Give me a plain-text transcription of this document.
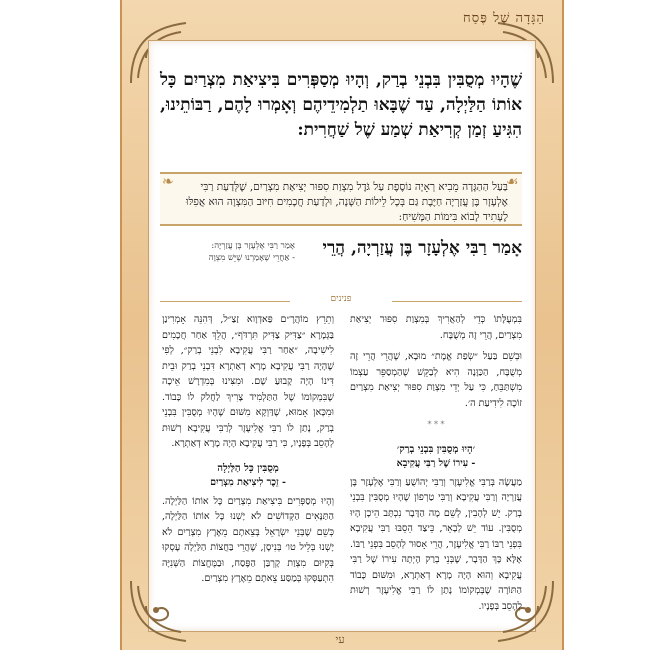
הַגָּדָה שֶׁל פֶּסַח
שֶׁהָיוּ מְסֻבִּין בִּבְנֵי בְרַק, וְהָיוּ מְסַפְּרִים בִּיצִיאַת מִצְרַיִם כָּל אוֹתוֹ הַלַּיְלָה, עַד שֶׁבָּאוּ תַלְמִידֵיהֶם וְאָמְרוּ לָהֶם, רַבּוֹתֵינוּ, הִגִּיעַ זְמַן קְרִיאַת שְׁמַע שֶׁל שַׁחֲרִית:
❧	☙
בַּעַל הַהַגָּדָה מֵבִיא רְאָיָה נוֹסֶפֶת עַל גֹּדֶל מִצְוַת סִפּוּר יְצִיאַת מִצְרַיִם, שֶׁלְּדַעַת רַבִּי אֶלְעָזָר בֶּן עֲזַרְיָה חַיֶּבֶת גַּם בְּכָל לֵילוֹת הַשָּׁנָה, וּלְדַעַת חֲכָמִים חִיּוּב הַמִּצְוָה הוּא אֲפִלּוּ לֶעָתִיד לָבוֹא בִּימוֹת הַמָּשִׁיחַ:
אָמַר רַבִּי אֶלְעָזָר בֶּן עֲזַרְיָה, הֲרֵי
אָמַר רַבִּי אֶלְעָזָר בֶּן עֲזַרְיָה:
- אַחֲרֵי שֶׁאָמַרְנוּ שֶׁיֵּשׁ מִצְוָה
פנינים

בִּמְעֻלָּתוֹ כְּדֵי לְהַאֲרִיךְ בְּמִצְוַת סִפּוּר יְצִיאַת מִצְרַיִם, הֲרֵי זֶה מְשֻׁבָּח.

וּבְשֵׁם בַּעַל ״שְׂפַת אֱמֶת״ מוּבָא, שֶׁהֲרֵי הֲרֵי זֶה מְשֻׁבָּח, הַכַּוָּנָה הִיא לְבַקֵּשׁ שֶׁהַמְסַפֵּר עַצְמוֹ מִשְׁתַּבֵּחַ, כִּי עַל יְדֵי מִצְוַת סִפּוּר יְצִיאַת מִצְרַיִם זוֹכֶה לִידִיעַת ה׳.

* * *
׳הָיוּ מְסֻבִּין בִּבְנֵי בְרַק׳
- עִירוֹ שֶׁל רַבִּי עֲקִיבָא

מַעֲשֶׂה בְּרַבִּי אֱלִיעֶזֶר וְרַבִּי יְהוֹשֻׁעַ וְרַבִּי אֶלְעָזָר בֶּן עֲזַרְיָה וְרַבִּי עֲקִיבָא וְרַבִּי טַרְפוֹן שֶׁהָיוּ מְסֻבִּין בִּבְנֵי בְרַק. יֵשׁ לְהָבִין, לְשֵׁם מָה הַדָּבָר נִכְתָּב הֵיכָן הָיוּ מְסֻבִּין. עוֹד יֵשׁ לְבָאֵר, כֵּיצַד הֵסֵבּוּ רַבִּי עֲקִיבָא בִּפְנֵי רַבּוֹ רַבִּי אֱלִיעֶזֶר, הֲרֵי אָסוּר לְהָסֵב בִּפְנֵי רַבּוֹ. אֶלָּא כָּךְ הַדָּבָר, שֶׁבְּנֵי בְרַק הָיְתָה עִירוֹ שֶׁל רַבִּי עֲקִיבָא וְהוּא הָיָה מָרָא דְאַתְרָא, וּמִשּׁוּם כָּבוֹד הַתּוֹרָה שֶׁבְּמְקוֹמוֹ נָתַן לוֹ רַבִּי אֱלִיעֶזֶר רְשׁוּת לְהָסֵב בְּפָנָיו.

וְתֵרֵץ מוֹהֲרֶ״ם פַּאדְוָוא זַצַ״ל, דְּהִנֵּה אָמְרִינַן בַּגְּמָרָא ״צַדִּיק צַדִּיק תִּרְדֹּף״, הֲלֵךְ אַחַר חֲכָמִים לִישִׁיבָה, ״אַחַר רַבִּי עֲקִיבָא לִבְנֵי בְרַק״, לְפִי שֶׁהָיָה רַבִּי עֲקִיבָא מָרָא דְאַתְרָא דִּבְנֵי בְרַק וּבֵית דִּינוֹ הָיָה קָבוּעַ שָׁם. וּמִצִּינוּ בְּמִדְרָשׁ אֵיכָה שֶׁבִּמְקוֹמוֹ שֶׁל הַתַּלְמִיד צָרִיךְ לַחֲלֹק לוֹ כָּבוֹד. וּמִכָּאן אָמוּא, שֶׁדַּוְקָא מִשּׁוּם שֶׁהָיוּ מְסֻבִּין בִּבְנֵי בְרַק, נָתַן לוֹ רַבִּי אֱלִיעֶזֶר לְרַבִּי עֲקִיבָא רְשׁוּת לְהָסֵב בְּפָנָיו, כִּי רַבִּי עֲקִיבָא הָיָה מָרָא דְאַתְרָא.

מְסֻבִּין כָּל הַלַּיְלָה
- זֵכֶר לִיצִיאַת מִצְרַיִם

וְהָיוּ מְסַפְּרִים בִּיצִיאַת מִצְרַיִם כָּל אוֹתוֹ הַלַּיְלָה. הַתַּנָּאִים הַקְּדוֹשִׁים לֹא יָשְׁנוּ כָּל אוֹתוֹ הַלַּיְלָה, כְּשֵׁם שֶׁבְּנֵי יִשְׂרָאֵל בְּצֵאתָם מֵאֶרֶץ מִצְרַיִם לֹא יָשְׁנוּ בְּלֵיל טו׳ בְּנִיסָן, שֶׁהֲרֵי בַּחֲצוֹת הַלַּיְלָה עָסְקוּ בְּקִיּוּם מִצְוַת קָרְבַּן הַפֶּסַח, וּבַמֶּחֱצוֹת הַשְּׁנִיָּה הִתְעַסְּקוּ בְּמַסַּע צֵאתָם מֵאֶרֶץ מִצְרַיִם.

עי
